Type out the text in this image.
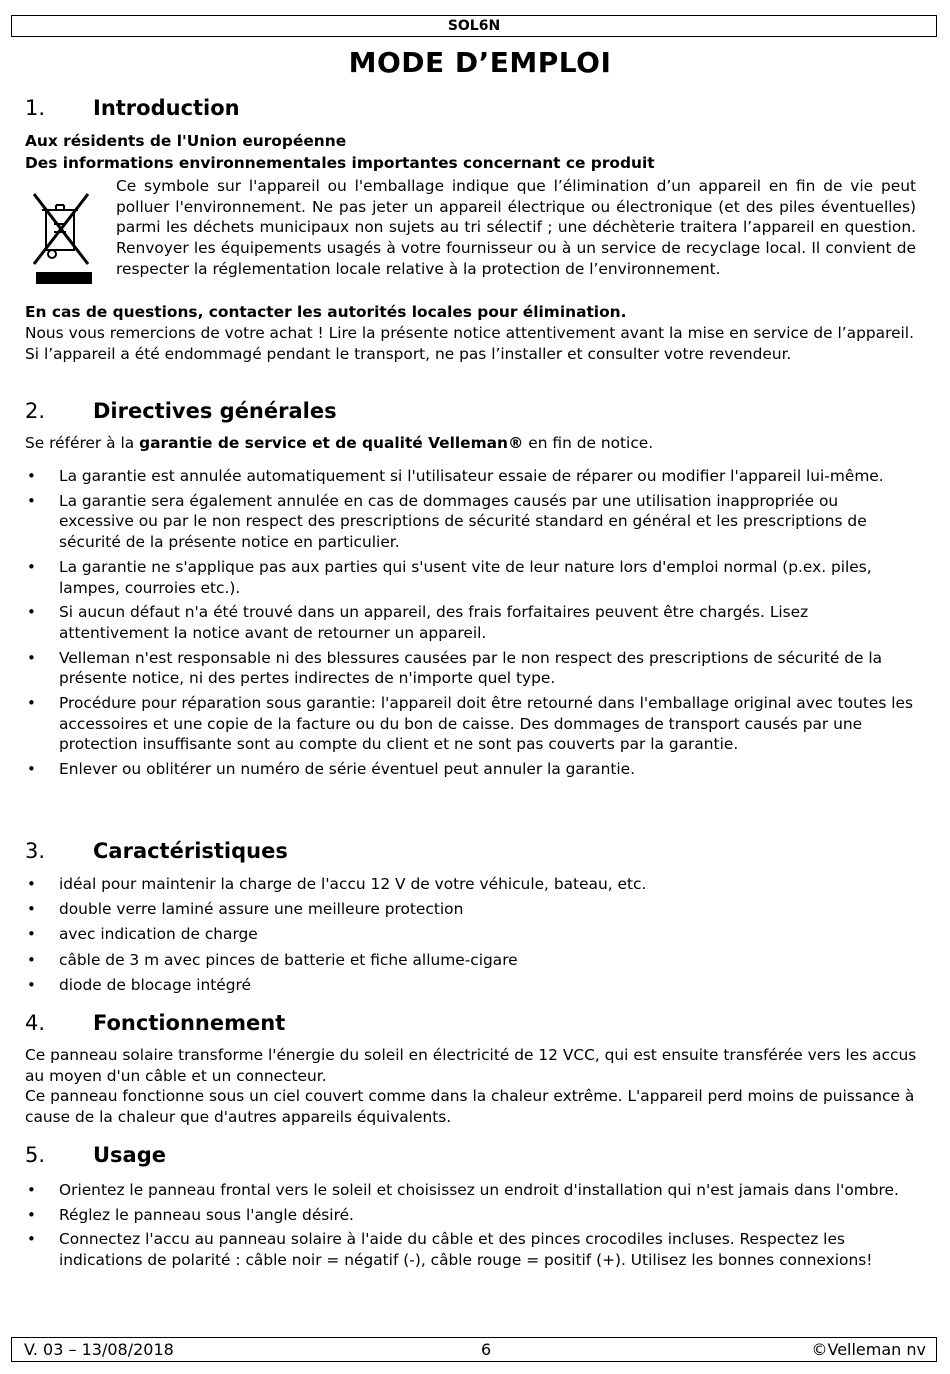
SOL6N
MODE D’EMPLOI
1.	Introduction

Aux résidents de l'Union européenne

Des informations environnementales importantes concernant ce produit

Ce symbole sur l'appareil ou l'emballage indique que l’élimination d’un appareil en fin de vie peut polluer l'environnement. Ne pas jeter un appareil électrique ou électronique (et des piles éventuelles) parmi les déchets municipaux non sujets au tri sélectif ; une déchèterie traitera l’appareil en question. Renvoyer les équipements usagés à votre fournisseur ou à un service de recyclage local. Il convient de respecter la réglementation locale relative à la protection de l’environnement.

En cas de questions, contacter les autorités locales pour élimination.

Nous vous remercions de votre achat ! Lire la présente notice attentivement avant la mise en service de l’appareil. Si l’appareil a été endommagé pendant le transport, ne pas l’installer et consulter votre revendeur.

2.	Directives générales

Se référer à la garantie de service et de qualité Velleman® en fin de notice.

• La garantie est annulée automatiquement si l'utilisateur essaie de réparer ou modifier l'appareil lui-même.
• La garantie sera également annulée en cas de dommages causés par une utilisation inappropriée ou excessive ou par le non respect des prescriptions de sécurité standard en général et les prescriptions de sécurité de la présente notice en particulier.
• La garantie ne s'applique pas aux parties qui s'usent vite de leur nature lors d'emploi normal (p.ex. piles, lampes, courroies etc.).
• Si aucun défaut n'a été trouvé dans un appareil, des frais forfaitaires peuvent être chargés. Lisez attentivement la notice avant de retourner un appareil.
• Velleman n'est responsable ni des blessures causées par le non respect des prescriptions de sécurité de la présente notice, ni des pertes indirectes de n'importe quel type.
• Procédure pour réparation sous garantie: l'appareil doit être retourné dans l'emballage original avec toutes les accessoires et une copie de la facture ou du bon de caisse. Des dommages de transport causés par une protection insuffisante sont au compte du client et ne sont pas couverts par la garantie.
• Enlever ou oblitérer un numéro de série éventuel peut annuler la garantie.
3.	Caractéristiques
• idéal pour maintenir la charge de l'accu 12 V de votre véhicule, bateau, etc.
• double verre laminé assure une meilleure protection
• avec indication de charge
• câble de 3 m avec pinces de batterie et fiche allume-cigare
• diode de blocage intégré
4.	Fonctionnement

Ce panneau solaire transforme l'énergie du soleil en électricité de 12 VCC, qui est ensuite transférée vers les accus au moyen d'un câble et un connecteur.

Ce panneau fonctionne sous un ciel couvert comme dans la chaleur extrême. L'appareil perd moins de puissance à cause de la chaleur que d'autres appareils équivalents.

5.	Usage
• Orientez le panneau frontal vers le soleil et choisissez un endroit d'installation qui n'est jamais dans l'ombre.
• Réglez le panneau sous l'angle désiré.
• Connectez l'accu au panneau solaire à l'aide du câble et des pinces crocodiles incluses. Respectez les indications de polarité : câble noir = négatif (-), câble rouge = positif (+). Utilisez les bonnes connexions!
V. 03 – 13/08/2018	6	©Velleman nv
